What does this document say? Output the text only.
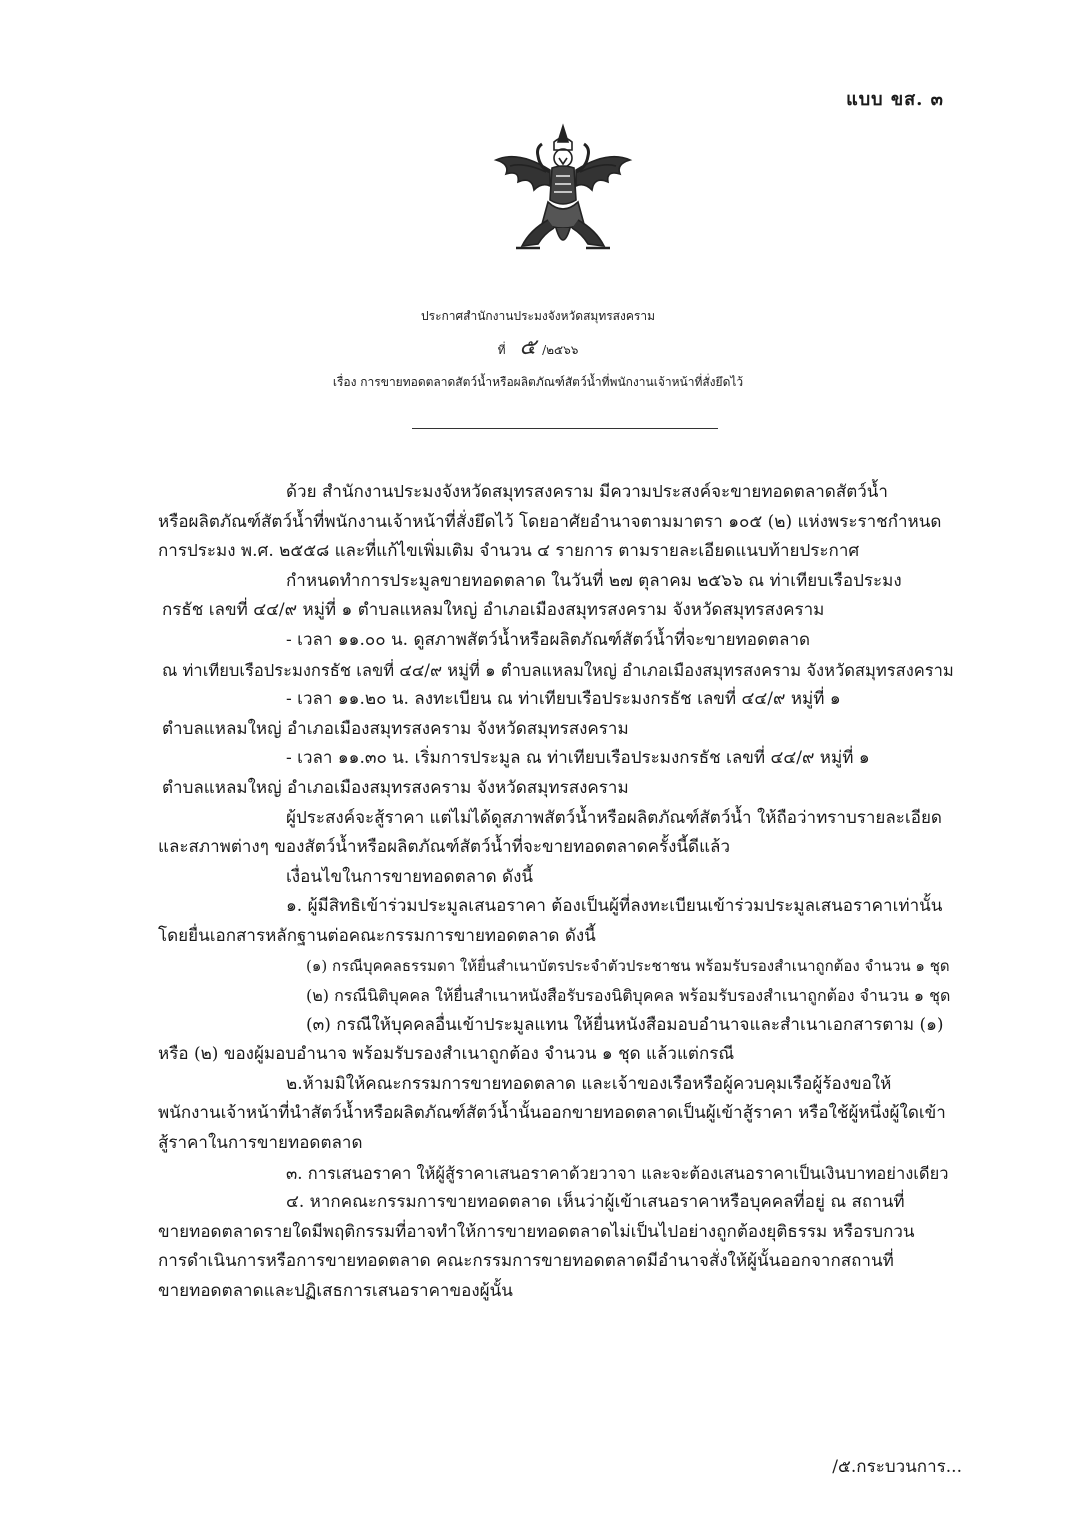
แบบ ขส. ๓
ประกาศสำนักงานประมงจังหวัดสมุทรสงคราม
ที่ ๕ /๒๕๖๖
เรื่อง การขายทอดตลาดสัตว์น้ำหรือผลิตภัณฑ์สัตว์น้ำที่พนักงานเจ้าหน้าที่สั่งยึดไว้
ด้วย สำนักงานประมงจังหวัดสมุทรสงคราม มีความประสงค์จะขายทอดตลาดสัตว์น้ำ
หรือผลิตภัณฑ์สัตว์น้ำที่พนักงานเจ้าหน้าที่สั่งยึดไว้ โดยอาศัยอำนาจตามมาตรา ๑๐๕ (๒) แห่งพระราชกำหนด
การประมง พ.ศ. ๒๕๕๘ และที่แก้ไขเพิ่มเติม จำนวน ๔ รายการ ตามรายละเอียดแนบท้ายประกาศ
กำหนดทำการประมูลขายทอดตลาด ในวันที่ ๒๗ ตุลาคม ๒๕๖๖ ณ ท่าเทียบเรือประมง
กรธัช เลขที่ ๔๔/๙ หมู่ที่ ๑ ตำบลแหลมใหญ่ อำเภอเมืองสมุทรสงคราม จังหวัดสมุทรสงคราม
- เวลา ๑๑.๐๐ น. ดูสภาพสัตว์น้ำหรือผลิตภัณฑ์สัตว์น้ำที่จะขายทอดตลาด
ณ ท่าเทียบเรือประมงกรธัช เลขที่ ๔๔/๙ หมู่ที่ ๑ ตำบลแหลมใหญ่ อำเภอเมืองสมุทรสงคราม จังหวัดสมุทรสงคราม
- เวลา ๑๑.๒๐ น. ลงทะเบียน ณ ท่าเทียบเรือประมงกรธัช เลขที่ ๔๔/๙ หมู่ที่ ๑
ตำบลแหลมใหญ่ อำเภอเมืองสมุทรสงคราม จังหวัดสมุทรสงคราม
- เวลา ๑๑.๓๐ น. เริ่มการประมูล ณ ท่าเทียบเรือประมงกรธัช เลขที่ ๔๔/๙ หมู่ที่ ๑
ตำบลแหลมใหญ่ อำเภอเมืองสมุทรสงคราม จังหวัดสมุทรสงคราม
ผู้ประสงค์จะสู้ราคา แต่ไม่ได้ดูสภาพสัตว์น้ำหรือผลิตภัณฑ์สัตว์น้ำ ให้ถือว่าทราบรายละเอียด
และสภาพต่างๆ ของสัตว์น้ำหรือผลิตภัณฑ์สัตว์น้ำที่จะขายทอดตลาดครั้งนี้ดีแล้ว
เงื่อนไขในการขายทอดตลาด ดังนี้
๑. ผู้มีสิทธิเข้าร่วมประมูลเสนอราคา ต้องเป็นผู้ที่ลงทะเบียนเข้าร่วมประมูลเสนอราคาเท่านั้น
โดยยื่นเอกสารหลักฐานต่อคณะกรรมการขายทอดตลาด ดังนี้
(๑) กรณีบุคคลธรรมดา ให้ยื่นสำเนาบัตรประจำตัวประชาชน พร้อมรับรองสำเนาถูกต้อง จำนวน ๑ ชุด
(๒) กรณีนิติบุคคล ให้ยื่นสำเนาหนังสือรับรองนิติบุคคล พร้อมรับรองสำเนาถูกต้อง จำนวน ๑ ชุด
(๓) กรณีให้บุคคลอื่นเข้าประมูลแทน ให้ยื่นหนังสือมอบอำนาจและสำเนาเอกสารตาม (๑)
หรือ (๒) ของผู้มอบอำนาจ พร้อมรับรองสำเนาถูกต้อง จำนวน ๑ ชุด แล้วแต่กรณี
๒.ห้ามมิให้คณะกรรมการขายทอดตลาด และเจ้าของเรือหรือผู้ควบคุมเรือผู้ร้องขอให้
พนักงานเจ้าหน้าที่นำสัตว์น้ำหรือผลิตภัณฑ์สัตว์น้ำนั้นออกขายทอดตลาดเป็นผู้เข้าสู้ราคา หรือใช้ผู้หนึ่งผู้ใดเข้า
สู้ราคาในการขายทอดตลาด
๓. การเสนอราคา ให้ผู้สู้ราคาเสนอราคาด้วยวาจา และจะต้องเสนอราคาเป็นเงินบาทอย่างเดียว
๔. หากคณะกรรมการขายทอดตลาด เห็นว่าผู้เข้าเสนอราคาหรือบุคคลที่อยู่ ณ สถานที่
ขายทอดตลาดรายใดมีพฤติกรรมที่อาจทำให้การขายทอดตลาดไม่เป็นไปอย่างถูกต้องยุติธรรม หรือรบกวน
การดำเนินการหรือการขายทอดตลาด คณะกรรมการขายทอดตลาดมีอำนาจสั่งให้ผู้นั้นออกจากสถานที่
ขายทอดตลาดและปฏิเสธการเสนอราคาของผู้นั้น
/๕.กระบวนการ...
